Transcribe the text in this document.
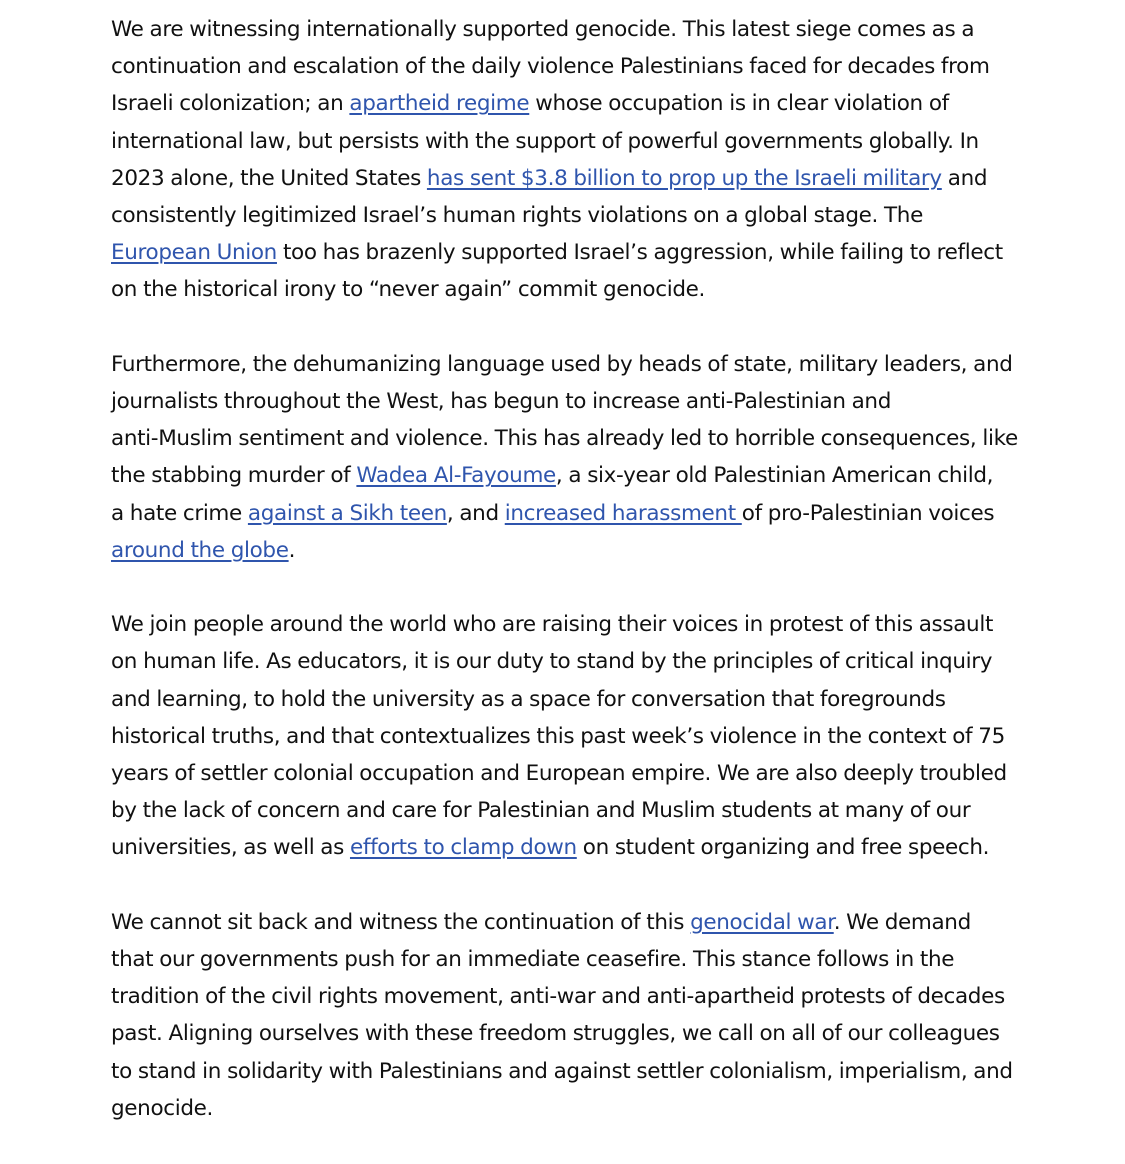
We are witnessing internationally supported genocide. This latest siege comes as a
continuation and escalation of the daily violence Palestinians faced for decades from
Israeli colonization; an apartheid regime whose occupation is in clear violation of
international law, but persists with the support of powerful governments globally. In
2023 alone, the United States has sent $3.8 billion to prop up the Israeli military and
consistently legitimized Israel’s human rights violations on a global stage. The
European Union too has brazenly supported Israel’s aggression, while failing to reflect
on the historical irony to “never again” commit genocide.

Furthermore, the dehumanizing language used by heads of state, military leaders, and
journalists throughout the West, has begun to increase anti-Palestinian and
anti-Muslim sentiment and violence. This has already led to horrible consequences, like
the stabbing murder of Wadea Al-Fayoume, a six-year old Palestinian American child,
a hate crime against a Sikh teen, and increased harassment of pro-Palestinian voices
around the globe.

We join people around the world who are raising their voices in protest of this assault
on human life. As educators, it is our duty to stand by the principles of critical inquiry
and learning, to hold the university as a space for conversation that foregrounds
historical truths, and that contextualizes this past week’s violence in the context of 75
years of settler colonial occupation and European empire. We are also deeply troubled
by the lack of concern and care for Palestinian and Muslim students at many of our
universities, as well as efforts to clamp down on student organizing and free speech.

We cannot sit back and witness the continuation of this genocidal war. We demand
that our governments push for an immediate ceasefire. This stance follows in the
tradition of the civil rights movement, anti-war and anti-apartheid protests of decades
past. Aligning ourselves with these freedom struggles, we call on all of our colleagues
to stand in solidarity with Palestinians and against settler colonialism, imperialism, and
genocide.
